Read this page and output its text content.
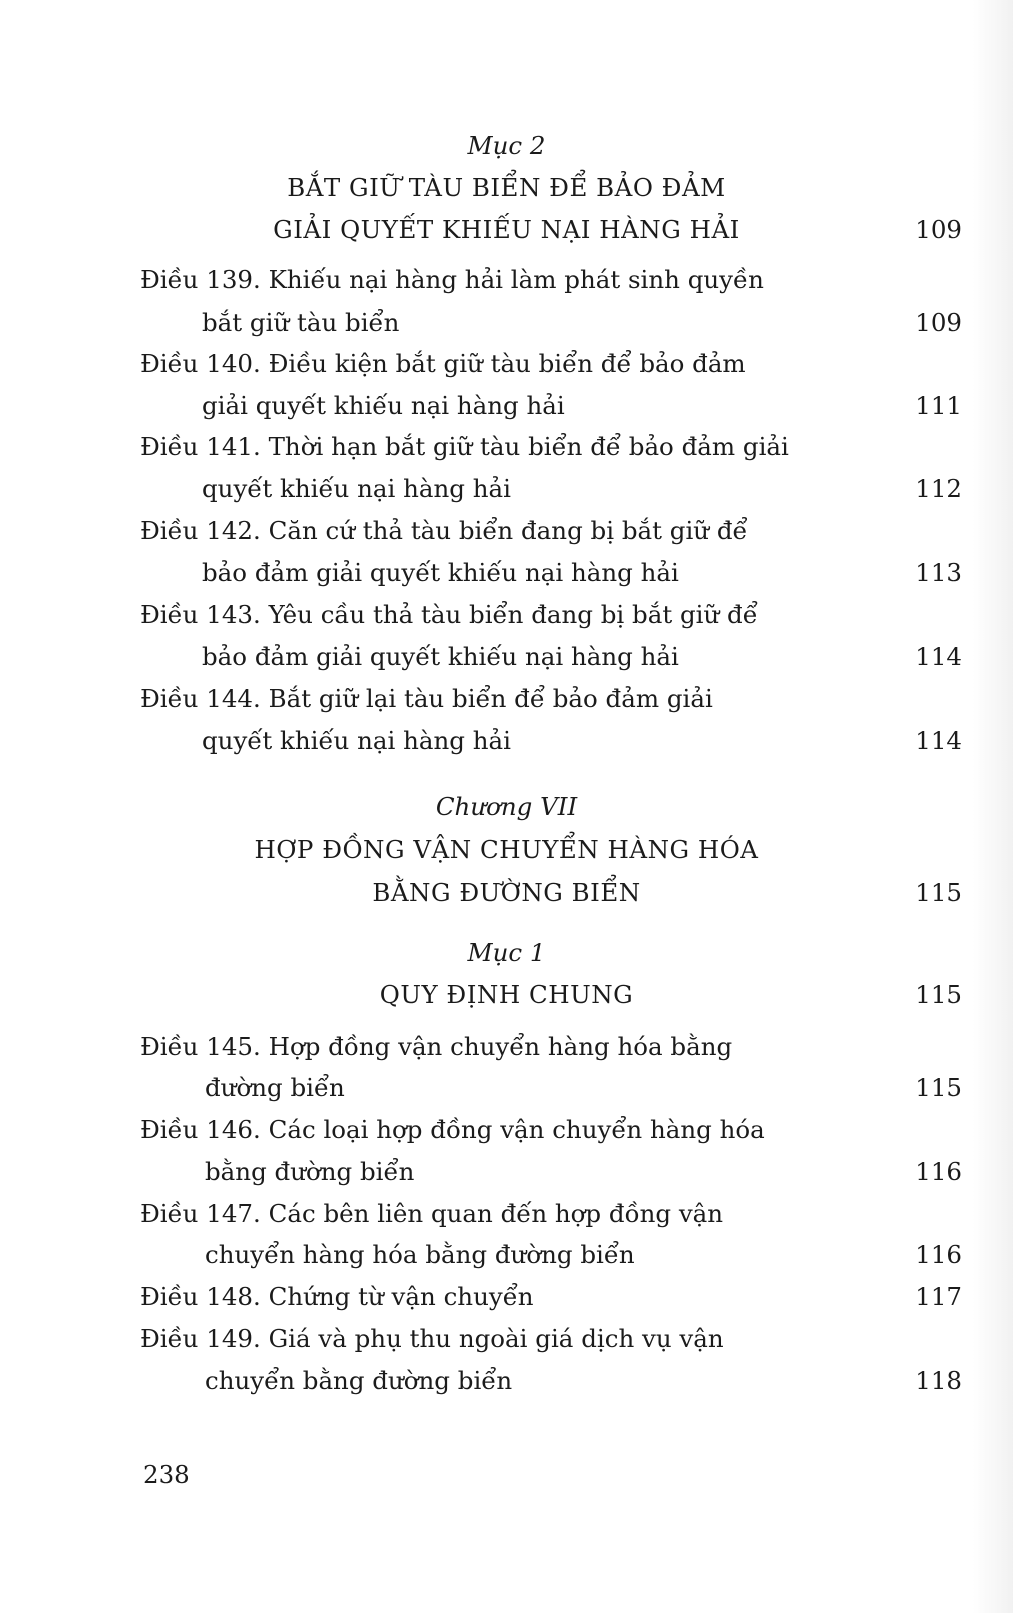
Mục 2
BẮT GIỮ TÀU BIỂN ĐỂ BẢO ĐẢM
GIẢI QUYẾT KHIẾU NẠI HÀNG HẢI	109
Điều 139. Khiếu nại hàng hải làm phát sinh quyền
bắt giữ tàu biển	109
Điều 140. Điều kiện bắt giữ tàu biển để bảo đảm
giải quyết khiếu nại hàng hải	111
Điều 141. Thời hạn bắt giữ tàu biển để bảo đảm giải
quyết khiếu nại hàng hải	112
Điều 142. Căn cứ thả tàu biển đang bị bắt giữ để
bảo đảm giải quyết khiếu nại hàng hải	113
Điều 143. Yêu cầu thả tàu biển đang bị bắt giữ để
bảo đảm giải quyết khiếu nại hàng hải	114
Điều 144. Bắt giữ lại tàu biển để bảo đảm giải
quyết khiếu nại hàng hải	114
Chương VII
HỢP ĐỒNG VẬN CHUYỂN HÀNG HÓA
BẰNG ĐƯỜNG BIỂN	115
Mục 1
QUY ĐỊNH CHUNG	115
Điều 145. Hợp đồng vận chuyển hàng hóa bằng
đường biển	115
Điều 146. Các loại hợp đồng vận chuyển hàng hóa
bằng đường biển	116
Điều 147. Các bên liên quan đến hợp đồng vận
chuyển hàng hóa bằng đường biển	116
Điều 148. Chứng từ vận chuyển	117
Điều 149. Giá và phụ thu ngoài giá dịch vụ vận
chuyển bằng đường biển	118
238
